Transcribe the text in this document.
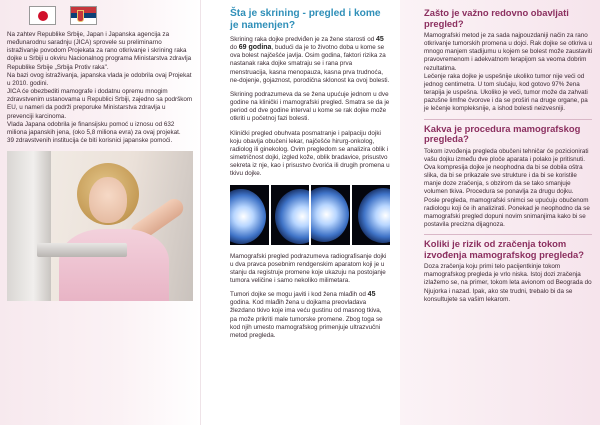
Na zahtev Republike Srbije, Japan i Japanska agencija za međunarodnu saradnju (JICA) sprovele su preliminarno istraživanje povodom Projekata za rano otkrivanje i skrining raka dojke u Srbiji u okviru Nacionalnog programa Ministarstva zdravlja Republike Srbije „Srbija Protiv raka".

Na bazi ovog istraživanja, japanska vlada je odobrila ovaj Projekat u 2010. godini.

JICA će obezbediti mamografe i dodatnu opremu mnogim zdravstvenim ustanovama u Republici Srbiji, zajedno sa podrškom EU, u nameri da podrži preporuke Ministarstva zdravlja u prevenciji karcinoma.

Vlada Japana odobrila je finansijsku pomoć u iznosu od 632 miliona japanskih jena, (oko 5,8 miliona evra) za ovaj projekat.

39 zdravstvenih institucija će biti korisnici japanske pomoći.

Šta je skrining - pregled i kome je namenjen?

Skrining raka dojke predviđen je za žene starosti od 45 do 69 godina, budući da je to životno doba u kome se ova bolest najčešće javlja. Osim godina, faktori rizika za nastanak raka dojke smatraju se i rana prva menstruacija, kasna menopauza, kasna prva trudnoća, ne-dojenje, gojaznost, porodična sklonost ka ovoj bolesti.

Skrining podrazumeva da se žena upućuje jednom u dve godine na klinički i mamografski pregled. Smatra se da je period od dve godine interval u kome se rak dojke može otkriti u početnoj fazi bolesti.

Klinički pregled obuhvata posmatranje i palpaciju dojki koju obavlja obučeni lekar, najčešće hirurg-onkolog, radiolog ili ginekolog. Ovim pregledom se analizira oblik i simetričnost dojki, izgled kože, oblik bradavice, prisustvo sekreta iz nje, kao i prisustvo čvorića ili drugih promena u tkivu dojke.

Mamografski pregled podrazumeva radiografisanje dojki u dva pravca posebnim rendgenskim aparatom koji je u stanju da registruje promene koje ukazuju na postojanje tumora veličine i samo nekoliko milimetara.

Tumori dojke se mogu javiti i kod žena mlađih od 45 godina. Kod mlađih žena u dojkama preovladava žlezdano tkivo koje ima veću gustinu od masnog tkiva, pa može prikriti male tumorske promene. Zbog toga se kod njih umesto mamografskog primenjuje ultrazvučni metod pregleda.

Zašto je važno redovno obavljati pregled?

Mamografski metod je za sada najpouzdaniji način za rano otkrivanje tumorskih promena u dojci. Rak dojke se otkriva u mnogo manjem stadijumu u kojem se bolest može zaustaviti pravovremenom i adekvatnom terapijom sa veoma dobrim rezultatima.

Lečenje raka dojke je uspešnije ukoliko tumor nije veći od jednog centimetra. U tom slučaju, kod gotovo 97% žena terapija je uspešna. Ukoliko je veći, tumor može da zahvati pazušne limfne čvorove i da se proširi na druge organe, pa je lečenje kompleksnije, a ishod bolesti neizvesniji.

Kakva je procedura mamografskog pregleda?

Tokom izvođenja pregleda obučeni tehničar će pozicionirati vašu dojku između dve ploče aparata i polako je pritisnuti. Ova kompresija dojke je neophodna da bi se dobila oštra slika, da bi se prikazale sve strukture i da bi se koristile manje doze zračenja, s obzirom da se tako smanjuje volumen tkiva. Procedura se ponavlja za drugu dojku.

Posle pregleda, mamografski snimci se upućuju obučenom radiologu koji će ih analizirati. Ponekad je neophodno da se mamografski pregled dopuni novim snimanjima kako bi se postavila precizna dijagnoza.

Koliki je rizik od zračenja tokom izvođenja mamografskog pregleda?

Doza zračenja koju primi telo pacijentkinje tokom mamografskog pregleda je vrlo niska. Istoj dozi zračenja izlažemo se, na primer, tokom leta avionom od Beograda do Njujorka i nazad. Ipak, ako ste trudni, trebalo bi da se konsultujete sa vašim lekarom.
